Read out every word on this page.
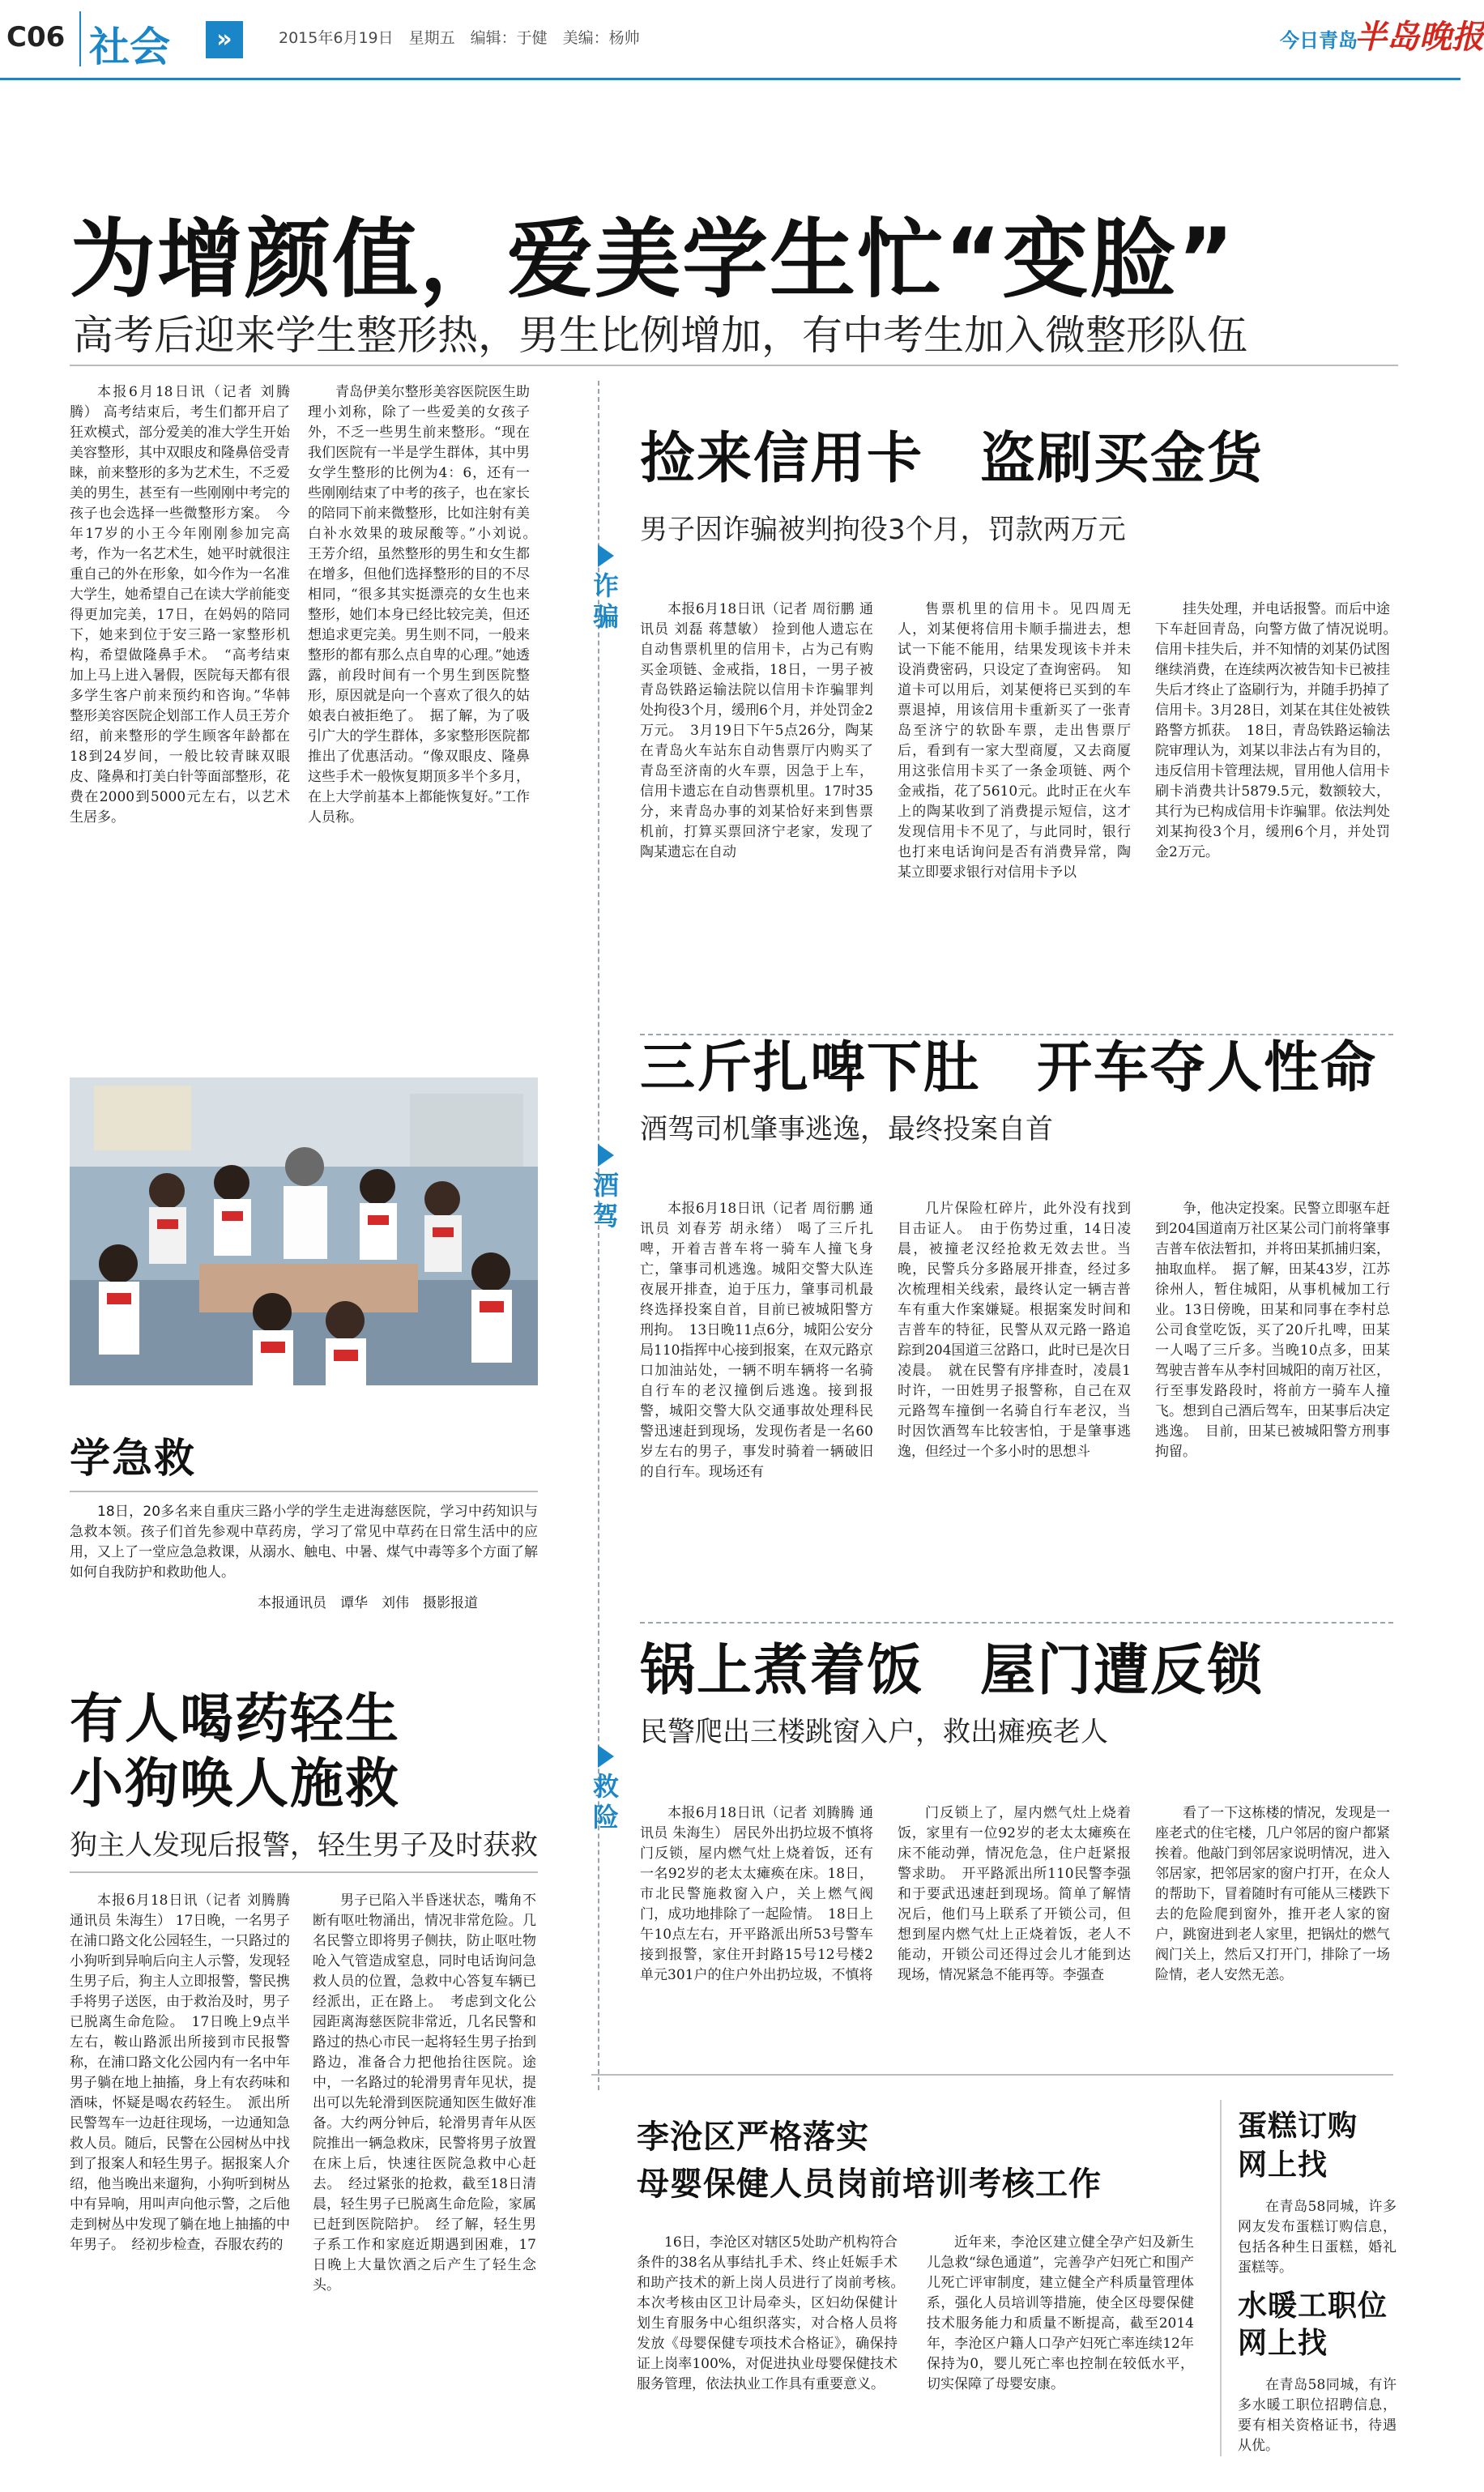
C06 社会	»	2015年6月19日　星期五　编辑：于健　美编：杨帅	今日青岛
半岛晚报
为增颜值，爱美学生忙“变脸”
高考后迎来学生整形热，男生比例增加，有中考生加入微整形队伍
本报6月18日讯（记者 刘腾腾） 高考结束后，考生们都开启了狂欢模式，部分爱美的准大学生开始美容整形，其中双眼皮和隆鼻倍受青睐，前来整形的多为艺术生，不乏爱美的男生，甚至有一些刚刚中考完的孩子也会选择一些微整形方案。　今年17岁的小王今年刚刚参加完高考，作为一名艺术生，她平时就很注重自己的外在形象，如今作为一名准大学生，她希望自己在读大学前能变得更加完美，17日，在妈妈的陪同下，她来到位于安三路一家整形机构，希望做隆鼻手术。　“高考结束加上马上进入暑假，医院每天都有很多学生客户前来预约和咨询。”华韩整形美容医院企划部工作人员王芳介绍，前来整形的学生顾客年龄都在18到24岁间，一般比较青睐双眼皮、隆鼻和打美白针等面部整形，花费在2000到5000元左右，以艺术生居多。
青岛伊美尔整形美容医院医生助理小刘称，除了一些爱美的女孩子外，不乏一些男生前来整形。“现在我们医院有一半是学生群体，其中男女学生整形的比例为4：6，还有一些刚刚结束了中考的孩子，也在家长的陪同下前来微整形，比如注射有美白补水效果的玻尿酸等。”小刘说。　王芳介绍，虽然整形的男生和女生都在增多，但他们选择整形的目的不尽相同，“很多其实挺漂亮的女生也来整形，她们本身已经比较完美，但还想追求更完美。男生则不同，一般来整形的都有那么点自卑的心理。”她透露，前段时间有一个男生到医院整形，原因就是向一个喜欢了很久的姑娘表白被拒绝了。　据了解，为了吸引广大的学生群体，多家整形医院都推出了优惠活动。“像双眼皮、隆鼻这些手术一般恢复期顶多半个多月，在上大学前基本上都能恢复好。”工作人员称。
学急救
18日，20多名来自重庆三路小学的学生走进海慈医院，学习中药知识与急救本领。孩子们首先参观中草药房，学习了常见中草药在日常生活中的应用，又上了一堂应急急救课，从溺水、触电、中暑、煤气中毒等多个方面了解如何自我防护和救助他人。
本报通讯员　谭华　刘伟　摄影报道
有人喝药轻生
小狗唤人施救
狗主人发现后报警，轻生男子及时获救
本报6月18日讯（记者 刘腾腾 通讯员 朱海生） 17日晚，一名男子在浦口路文化公园轻生，一只路过的小狗听到异响后向主人示警，发现轻生男子后，狗主人立即报警，警民携手将男子送医，由于救治及时，男子已脱离生命危险。　17日晚上9点半左右，鞍山路派出所接到市民报警称，在浦口路文化公园内有一名中年男子躺在地上抽搐，身上有农药味和酒味，怀疑是喝农药轻生。　派出所民警驾车一边赶往现场，一边通知急救人员。随后，民警在公园树丛中找到了报案人和轻生男子。据报案人介绍，他当晚出来遛狗，小狗听到树丛中有异响，用叫声向他示警，之后他走到树丛中发现了躺在地上抽搐的中年男子。　经初步检查，吞服农药的
男子已陷入半昏迷状态，嘴角不断有呕吐物涌出，情况非常危险。几名民警立即将男子侧扶，防止呕吐物呛入气管造成窒息，同时电话询问急救人员的位置，急救中心答复车辆已经派出，正在路上。　考虑到文化公园距离海慈医院非常近，几名民警和路过的热心市民一起将轻生男子抬到路边，准备合力把他抬往医院。途中，一名路过的轮滑男青年见状，提出可以先轮滑到医院通知医生做好准备。大约两分钟后，轮滑男青年从医院推出一辆急救床，民警将男子放置在床上后，快速往医院急救中心赶去。　经过紧张的抢救，截至18日清晨，轻生男子已脱离生命危险，家属已赶到医院陪护。　经了解，轻生男子系工作和家庭近期遇到困难，17日晚上大量饮酒之后产生了轻生念头。
捡来信用卡　盗刷买金货
男子因诈骗被判拘役3个月，罚款两万元
诈骗	本报6月18日讯（记者 周衍鹏 通讯员 刘磊 蒋慧敏） 捡到他人遗忘在自动售票机里的信用卡，占为己有购买金项链、金戒指，18日，一男子被青岛铁路运输法院以信用卡诈骗罪判处拘役3个月，缓刑6个月，并处罚金2万元。　3月19日下午5点26分，陶某在青岛火车站东自动售票厅内购买了青岛至济南的火车票，因急于上车，信用卡遗忘在自动售票机里。17时35分，来青岛办事的刘某恰好来到售票机前，打算买票回济宁老家，发现了陶某遗忘在自动
售票机里的信用卡。见四周无人，刘某便将信用卡顺手揣进去，想试一下能不能用，结果发现该卡并未设消费密码，只设定了查询密码。　知道卡可以用后，刘某便将已买到的车票退掉，用该信用卡重新买了一张青岛至济宁的软卧车票，走出售票厅后，看到有一家大型商厦，又去商厦用这张信用卡买了一条金项链、两个金戒指，花了5610元。此时正在火车上的陶某收到了消费提示短信，这才发现信用卡不见了，与此同时，银行也打来电话询问是否有消费异常，陶某立即要求银行对信用卡予以
挂失处理，并电话报警。而后中途下车赶回青岛，向警方做了情况说明。　信用卡挂失后，并不知情的刘某仍试图继续消费，在连续两次被告知卡已被挂失后才终止了盗刷行为，并随手扔掉了信用卡。3月28日，刘某在其住处被铁路警方抓获。　18日，青岛铁路运输法院审理认为，刘某以非法占有为目的，违反信用卡管理法规，冒用他人信用卡刷卡消费共计5879.5元，数额较大，其行为已构成信用卡诈骗罪。依法判处刘某拘役3个月，缓刑6个月，并处罚金2万元。
三斤扎啤下肚　开车夺人性命
酒驾司机肇事逃逸，最终投案自首
酒驾	本报6月18日讯（记者 周衍鹏 通讯员 刘春芳 胡永绪） 喝了三斤扎啤，开着吉普车将一骑车人撞飞身亡，肇事司机逃逸。城阳交警大队连夜展开排查，迫于压力，肇事司机最终选择投案自首，目前已被城阳警方刑拘。　13日晚11点6分，城阳公安分局110指挥中心接到报案，在双元路京口加油站处，一辆不明车辆将一名骑自行车的老汉撞倒后逃逸。接到报警，城阳交警大队交通事故处理科民警迅速赶到现场，发现伤者是一名60岁左右的男子，事发时骑着一辆破旧的自行车。现场还有
几片保险杠碎片，此外没有找到目击证人。　由于伤势过重，14日凌晨，被撞老汉经抢救无效去世。当晚，民警兵分多路展开排查，经过多次梳理相关线索，最终认定一辆吉普车有重大作案嫌疑。根据案发时间和吉普车的特征，民警从双元路一路追踪到204国道三岔路口，此时已是次日凌晨。　就在民警有序排查时，凌晨1时许，一田姓男子报警称，自己在双元路驾车撞倒一名骑自行车老汉，当时因饮酒驾车比较害怕，于是肇事逃逸，但经过一个多小时的思想斗
争，他决定投案。民警立即驱车赶到204国道南万社区某公司门前将肇事吉普车依法暂扣，并将田某抓捕归案，抽取血样。　据了解，田某43岁，江苏徐州人，暂住城阳，从事机械加工行业。13日傍晚，田某和同事在李村总公司食堂吃饭，买了20斤扎啤，田某一人喝了三斤多。当晚10点多，田某驾驶吉普车从李村回城阳的南万社区，行至事发路段时，将前方一骑车人撞飞。想到自己酒后驾车，田某事后决定逃逸。　目前，田某已被城阳警方刑事拘留。
锅上煮着饭　屋门遭反锁
民警爬出三楼跳窗入户，救出瘫痪老人
救险	本报6月18日讯（记者 刘腾腾 通讯员 朱海生） 居民外出扔垃圾不慎将门反锁，屋内燃气灶上烧着饭，还有一名92岁的老太太瘫痪在床。18日，市北民警施救窗入户，关上燃气阀门，成功地排除了一起险情。　18日上午10点左右，开平路派出所53号警车接到报警，家住开封路15号12号楼2单元301户的住户外出扔垃圾，不慎将
门反锁上了，屋内燃气灶上烧着饭，家里有一位92岁的老太太瘫痪在床不能动弹，情况危急，住户赶紧报警求助。　开平路派出所110民警李强和于要武迅速赶到现场。简单了解情况后，他们马上联系了开锁公司，但想到屋内燃气灶上正烧着饭，老人不能动，开锁公司还得过会儿才能到达现场，情况紧急不能再等。李强查
看了一下这栋楼的情况，发现是一座老式的住宅楼，几户邻居的窗户都紧挨着。他敲门到邻居家说明情况，进入邻居家，把邻居家的窗户打开，在众人的帮助下，冒着随时有可能从三楼跌下去的危险爬到窗外，推开老人家的窗户，跳窗进到老人家里，把锅灶的燃气阀门关上，然后又打开门，排除了一场险情，老人安然无恙。
李沧区严格落实
母婴保健人员岗前培训考核工作
16日，李沧区对辖区5处助产机构符合条件的38名从事结扎手术、终止妊娠手术和助产技术的新上岗人员进行了岗前考核。　本次考核由区卫计局牵头，区妇幼保健计划生育服务中心组织落实，对合格人员将发放《母婴保健专项技术合格证》，确保持证上岗率100%，对促进执业母婴保健技术服务管理，依法执业工作具有重要意义。
近年来，李沧区建立健全孕产妇及新生儿急救“绿色通道”，完善孕产妇死亡和围产儿死亡评审制度，建立健全产科质量管理体系，强化人员培训等措施，使全区母婴保健技术服务能力和质量不断提高，截至2014年，李沧区户籍人口孕产妇死亡率连续12年保持为0，婴儿死亡率也控制在较低水平，切实保障了母婴安康。
蛋糕订购
网上找
在青岛58同城，许多网友发布蛋糕订购信息，包括各种生日蛋糕，婚礼蛋糕等。
水暖工职位
网上找
在青岛58同城，有许多水暖工职位招聘信息，要有相关资格证书，待遇从优。
